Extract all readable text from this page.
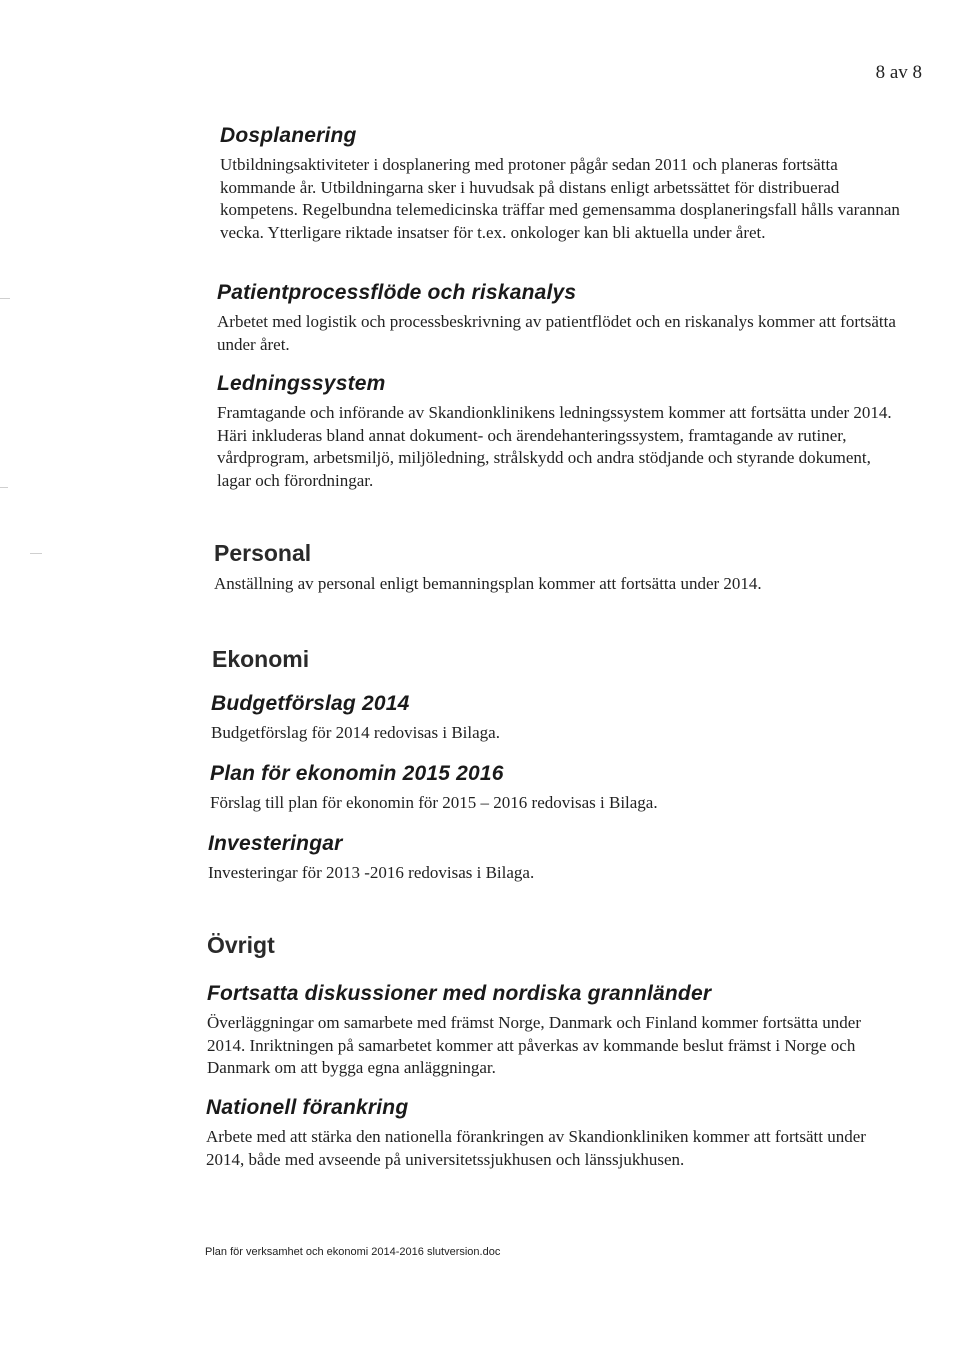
8 av 8
Dosplanering

Utbildningsaktiviteter i dosplanering med protoner pågår sedan 2011 och planeras fortsätta kommande år. Utbildningarna sker i huvudsak på distans enligt arbetssättet för distribuerad kompetens. Regelbundna telemedicinska träffar med gemensamma dosplaneringsfall hålls varannan vecka. Ytterligare riktade insatser för t.ex. onkologer kan bli aktuella under året.

Patientprocessflöde och riskanalys

Arbetet med logistik och processbeskrivning av patientflödet och en riskanalys kommer att fortsätta under året.

Ledningssystem

Framtagande och införande av Skandionklinikens ledningssystem kommer att fortsätta under 2014. Häri inkluderas bland annat dokument- och ärendehanteringssystem, framtagande av rutiner, vårdprogram, arbetsmiljö, miljöledning, strålskydd och andra stödjande och styrande dokument, lagar och förordningar.

Personal

Anställning av personal enligt bemanningsplan kommer att fortsätta under 2014.

Ekonomi
Budgetförslag 2014

Budgetförslag för 2014 redovisas i Bilaga.

Plan för ekonomin 2015 2016

Förslag till plan för ekonomin för 2015 – 2016 redovisas i Bilaga.

Investeringar

Investeringar för 2013 -2016 redovisas i Bilaga.

Övrigt
Fortsatta diskussioner med nordiska grannländer

Överläggningar om samarbete med främst Norge, Danmark och Finland kommer fortsätta under 2014. Inriktningen på samarbetet kommer att påverkas av kommande beslut främst i Norge och Danmark om att bygga egna anläggningar.

Nationell förankring

Arbete med att stärka den nationella förankringen av Skandionkliniken kommer att fortsätt under 2014, både med avseende på universitetssjukhusen och länssjukhusen.

Plan för verksamhet och ekonomi 2014-2016 slutversion.doc
